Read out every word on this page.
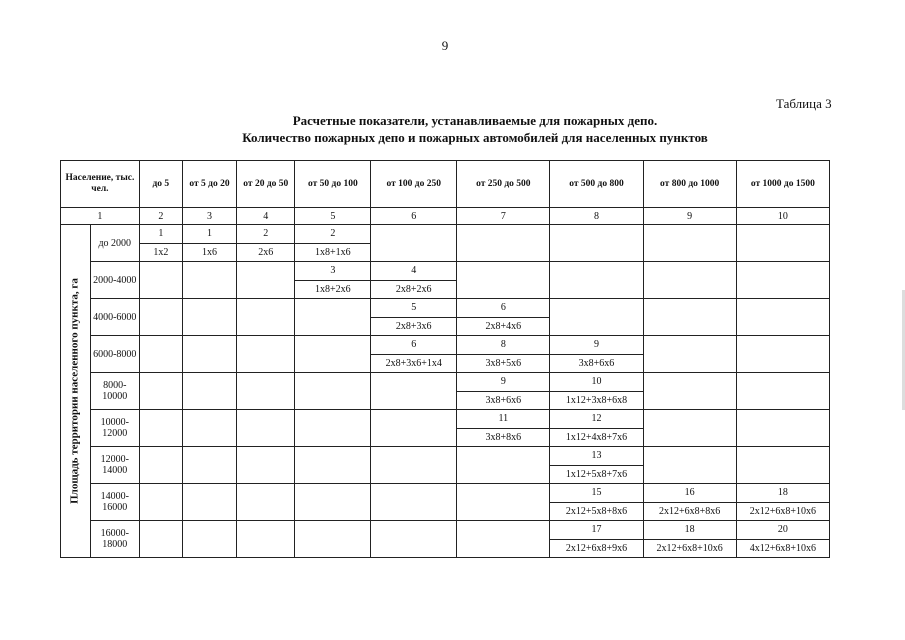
9
Таблица 3
Расчетные показатели, устанавливаемые для пожарных депо.
Количество пожарных депо и пожарных автомобилей для населенных пунктов
Население, тыс. чел.		до 5	от 5 до 20	от 20 до 50	от 50 до 100	от 100 до 250	от 250 до 500	от 500 до 800	от 800 до 1000	от 1000 до 1500
1		2	3	4	5	6	7	8	9	10

Площадь территории населенного пункта, га	до 2000	1	1	2	2					
		1x2	1x6	2x6	1x8+1x6					
	2000-4000				3	4				
					1x8+2x6	2x8+2x6				
	4000-6000					5	6			
						2x8+3x6	2x8+4x6			
	6000-8000					6	8	9		
						2x8+3x6+1x4	3x8+5x6	3x8+6x6		
	8000-10000						9	10		
							3x8+6x6	1x12+3x8+6x8		
	10000-12000						11	12		
							3x8+8x6	1x12+4x8+7x6		
	12000-14000							13		
								1x12+5x8+7x6		
	14000-16000							15	16	18
								2x12+5x8+8x6	2x12+6x8+8x6	2x12+6x8+10x6
	16000-18000							17	18	20
								2x12+6x8+9x6	2x12+6x8+10x6	4x12+6x8+10x6
